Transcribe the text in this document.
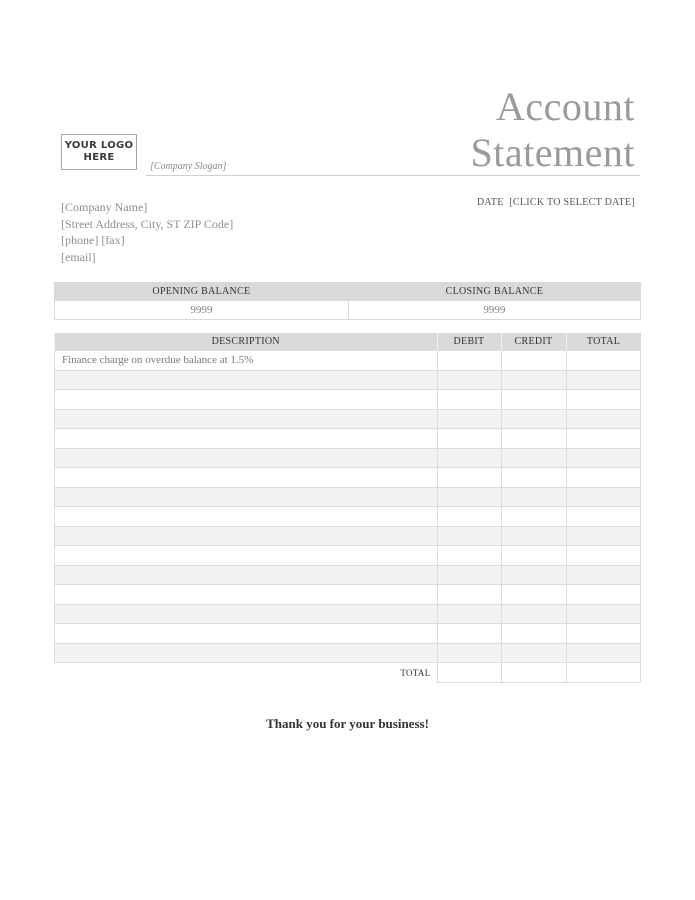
Account
Statement
YOUR LOGO
HERE
[Company Slogan]
DATE [CLICK TO SELECT DATE]
[Company Name]
[Street Address, City, ST ZIP Code]
[phone] [fax]
[email]
OPENING BALANCE	CLOSING BALANCE
9999	9999
DESCRIPTION	DEBIT	CREDIT	TOTAL
Finance charge on overdue balance at 1.5%			

TOTAL			
Thank you for your business!
